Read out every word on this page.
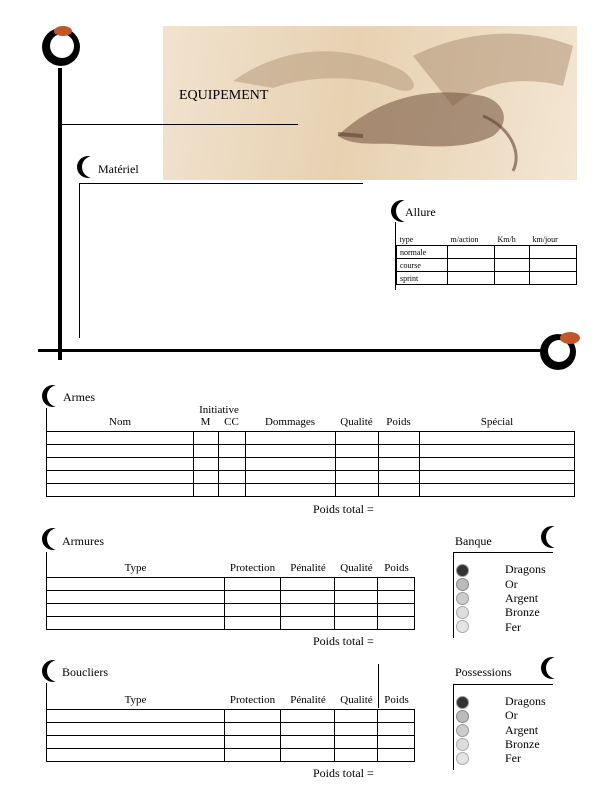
EQUIPEMENT
Matériel
Allure
type	m/action	Km/h	km/jour
normale			
course			
sprint			
Armes
Initiative
Nom	M	CC	Dommages	Qualité	Poids	Spécial

Poids total =
Armures
Type	Protection	Pénalité	Qualité	Poids

Poids total =
Boucliers
Type	Protection	Pénalité	Qualité	Poids

Poids total =
Banque
Dragons
Or
Argent
Bronze
Fer
Possessions
Dragons
Or
Argent
Bronze
Fer
